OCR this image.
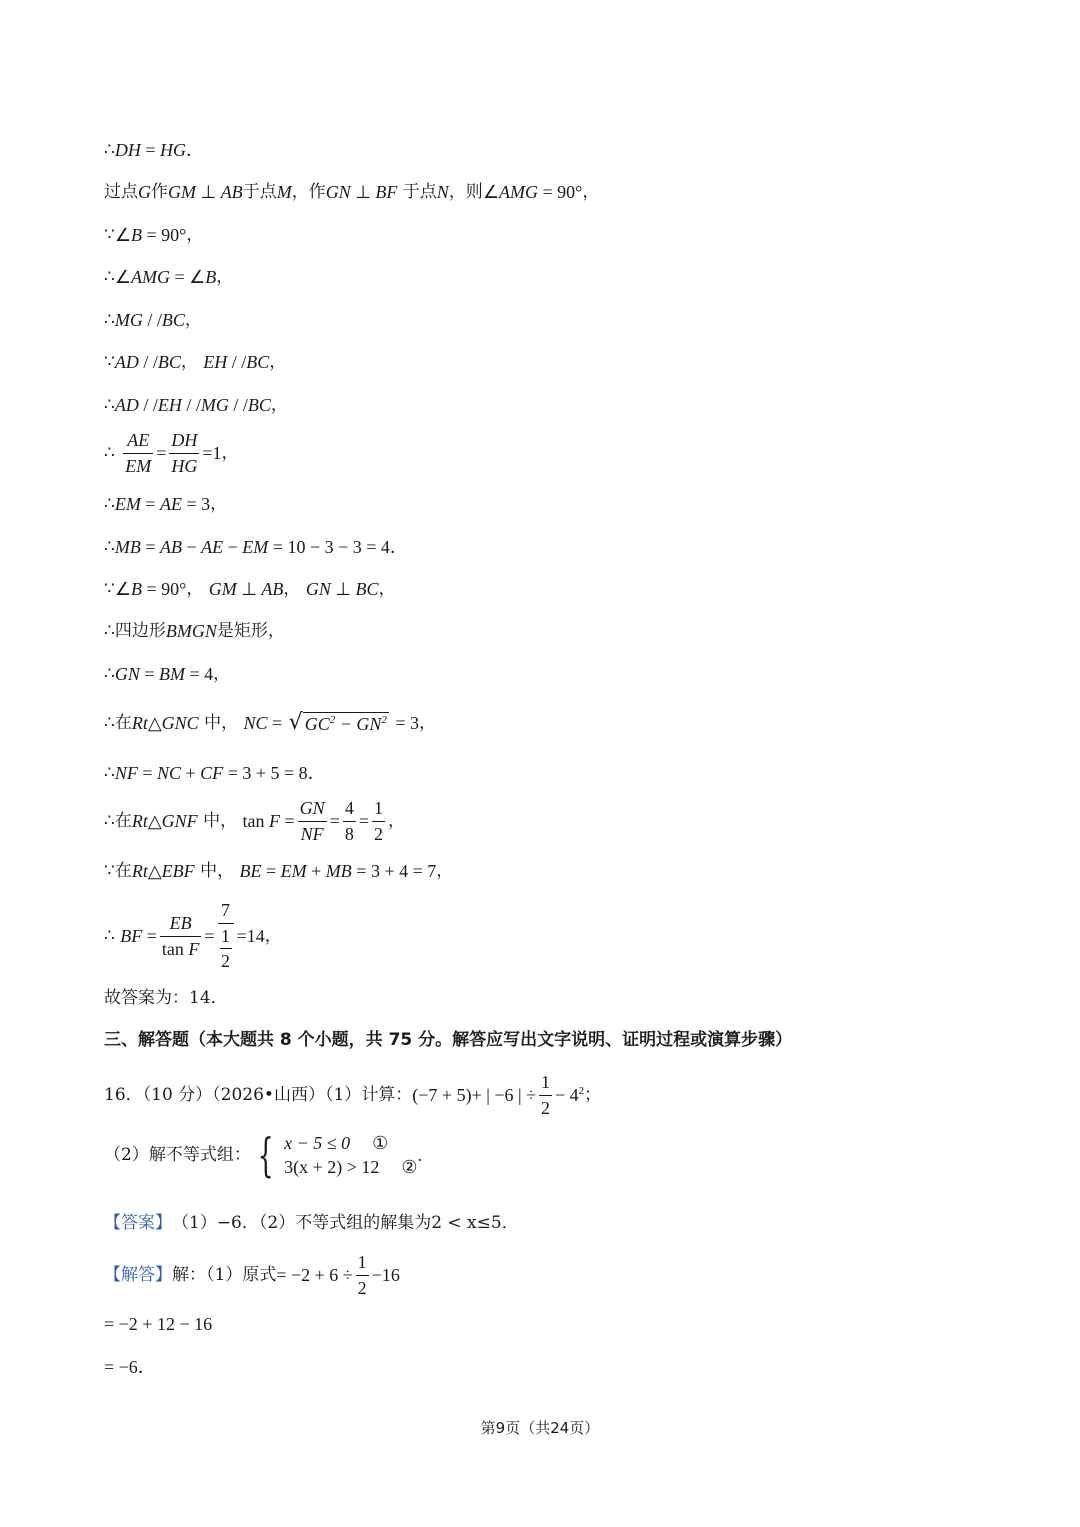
∴ DH = HG ．
过点 G 作 GM ⊥ AB 于点 M ，作 GN ⊥ BF 于点 N ，则 ∠ AMG = 90° ，
∵ ∠ B = 90° ，
∴ ∠ AMG = ∠ B ，
∴ MG / / BC ，
∵ AD / / BC ， EH / / BC ，
∴ AD / / EH / / MG / / BC ，
∴ $\frac{AE}{EM} = \frac{DH}{HG} =1$ ，
∴ EM = AE = 3 ，
∴ MB = AB − AE − EM = 10 − 3 − 3 = 4．
∵ ∠ B = 90° ， GM ⊥ AB ， GN ⊥ BC ，
∴ 四边形 BMGN 是矩形，
∴ GN = BM = 4 ，
∴ 在 Rt △ GNC 中， NC = √ $GC^2 - GN^2 = 3$ ，
∴ NF = NC + CF = 3 + 5 = 8．
∴ 在 Rt △ GNF 中， $\tan F = \frac{GN}{NF} = \frac{4}{8} = \frac{1}{2}$ ，
∵ 在 Rt △ EBF 中， BE = EM + MB = 3 + 4 = 7 ，
∴ BF = $\frac{EB}{\text{tan F}} = 7$
1
2 =14 ，
故答案为：14．
三、解答题（本大题共 8 个小题，共 75 分。解答应写出文字说明、证明过程或演算步骤）
16．（10 分）（2026•山西）（1）计算： (−7 + 5)+ | −6 | ÷ $\frac{1}{2} - 4^2$ ；
（2）解不等式组： { x − 5 ≤ 0 ①
3(x + 2) > 12 ②
.
【答案】 （1）−6．（2）不等式组的解集为2 < x≤5．
【解答】 解：（1）原式 = $-2 + 6 \div \frac{1}{2} -16$
= −2 + 12 − 16
= −6．
第9页（共24页）
